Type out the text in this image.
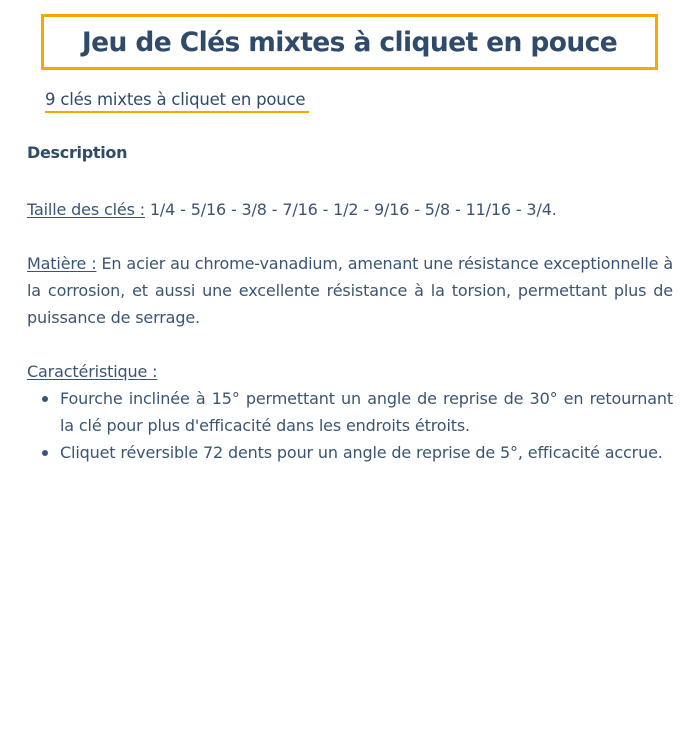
Jeu de Clés mixtes à cliquet en pouce
9 clés mixtes à cliquet en pouce
Description

Taille des clés : 1/4 - 5/16 - 3/8 - 7/16 - 1/2 - 9/16 - 5/8 - 11/16 - 3/4.

Matière : En acier au chrome-vanadium, amenant une résistance exceptionnelle à la corrosion, et aussi une excellente résistance à la torsion, permettant plus de puissance de serrage.

Caractéristique :

Fourche inclinée à 15° permettant un angle de reprise de 30° en retournant la clé pour plus d'efficacité dans les endroits étroits.
Cliquet réversible 72 dents pour un angle de reprise de 5°, efficacité accrue.
